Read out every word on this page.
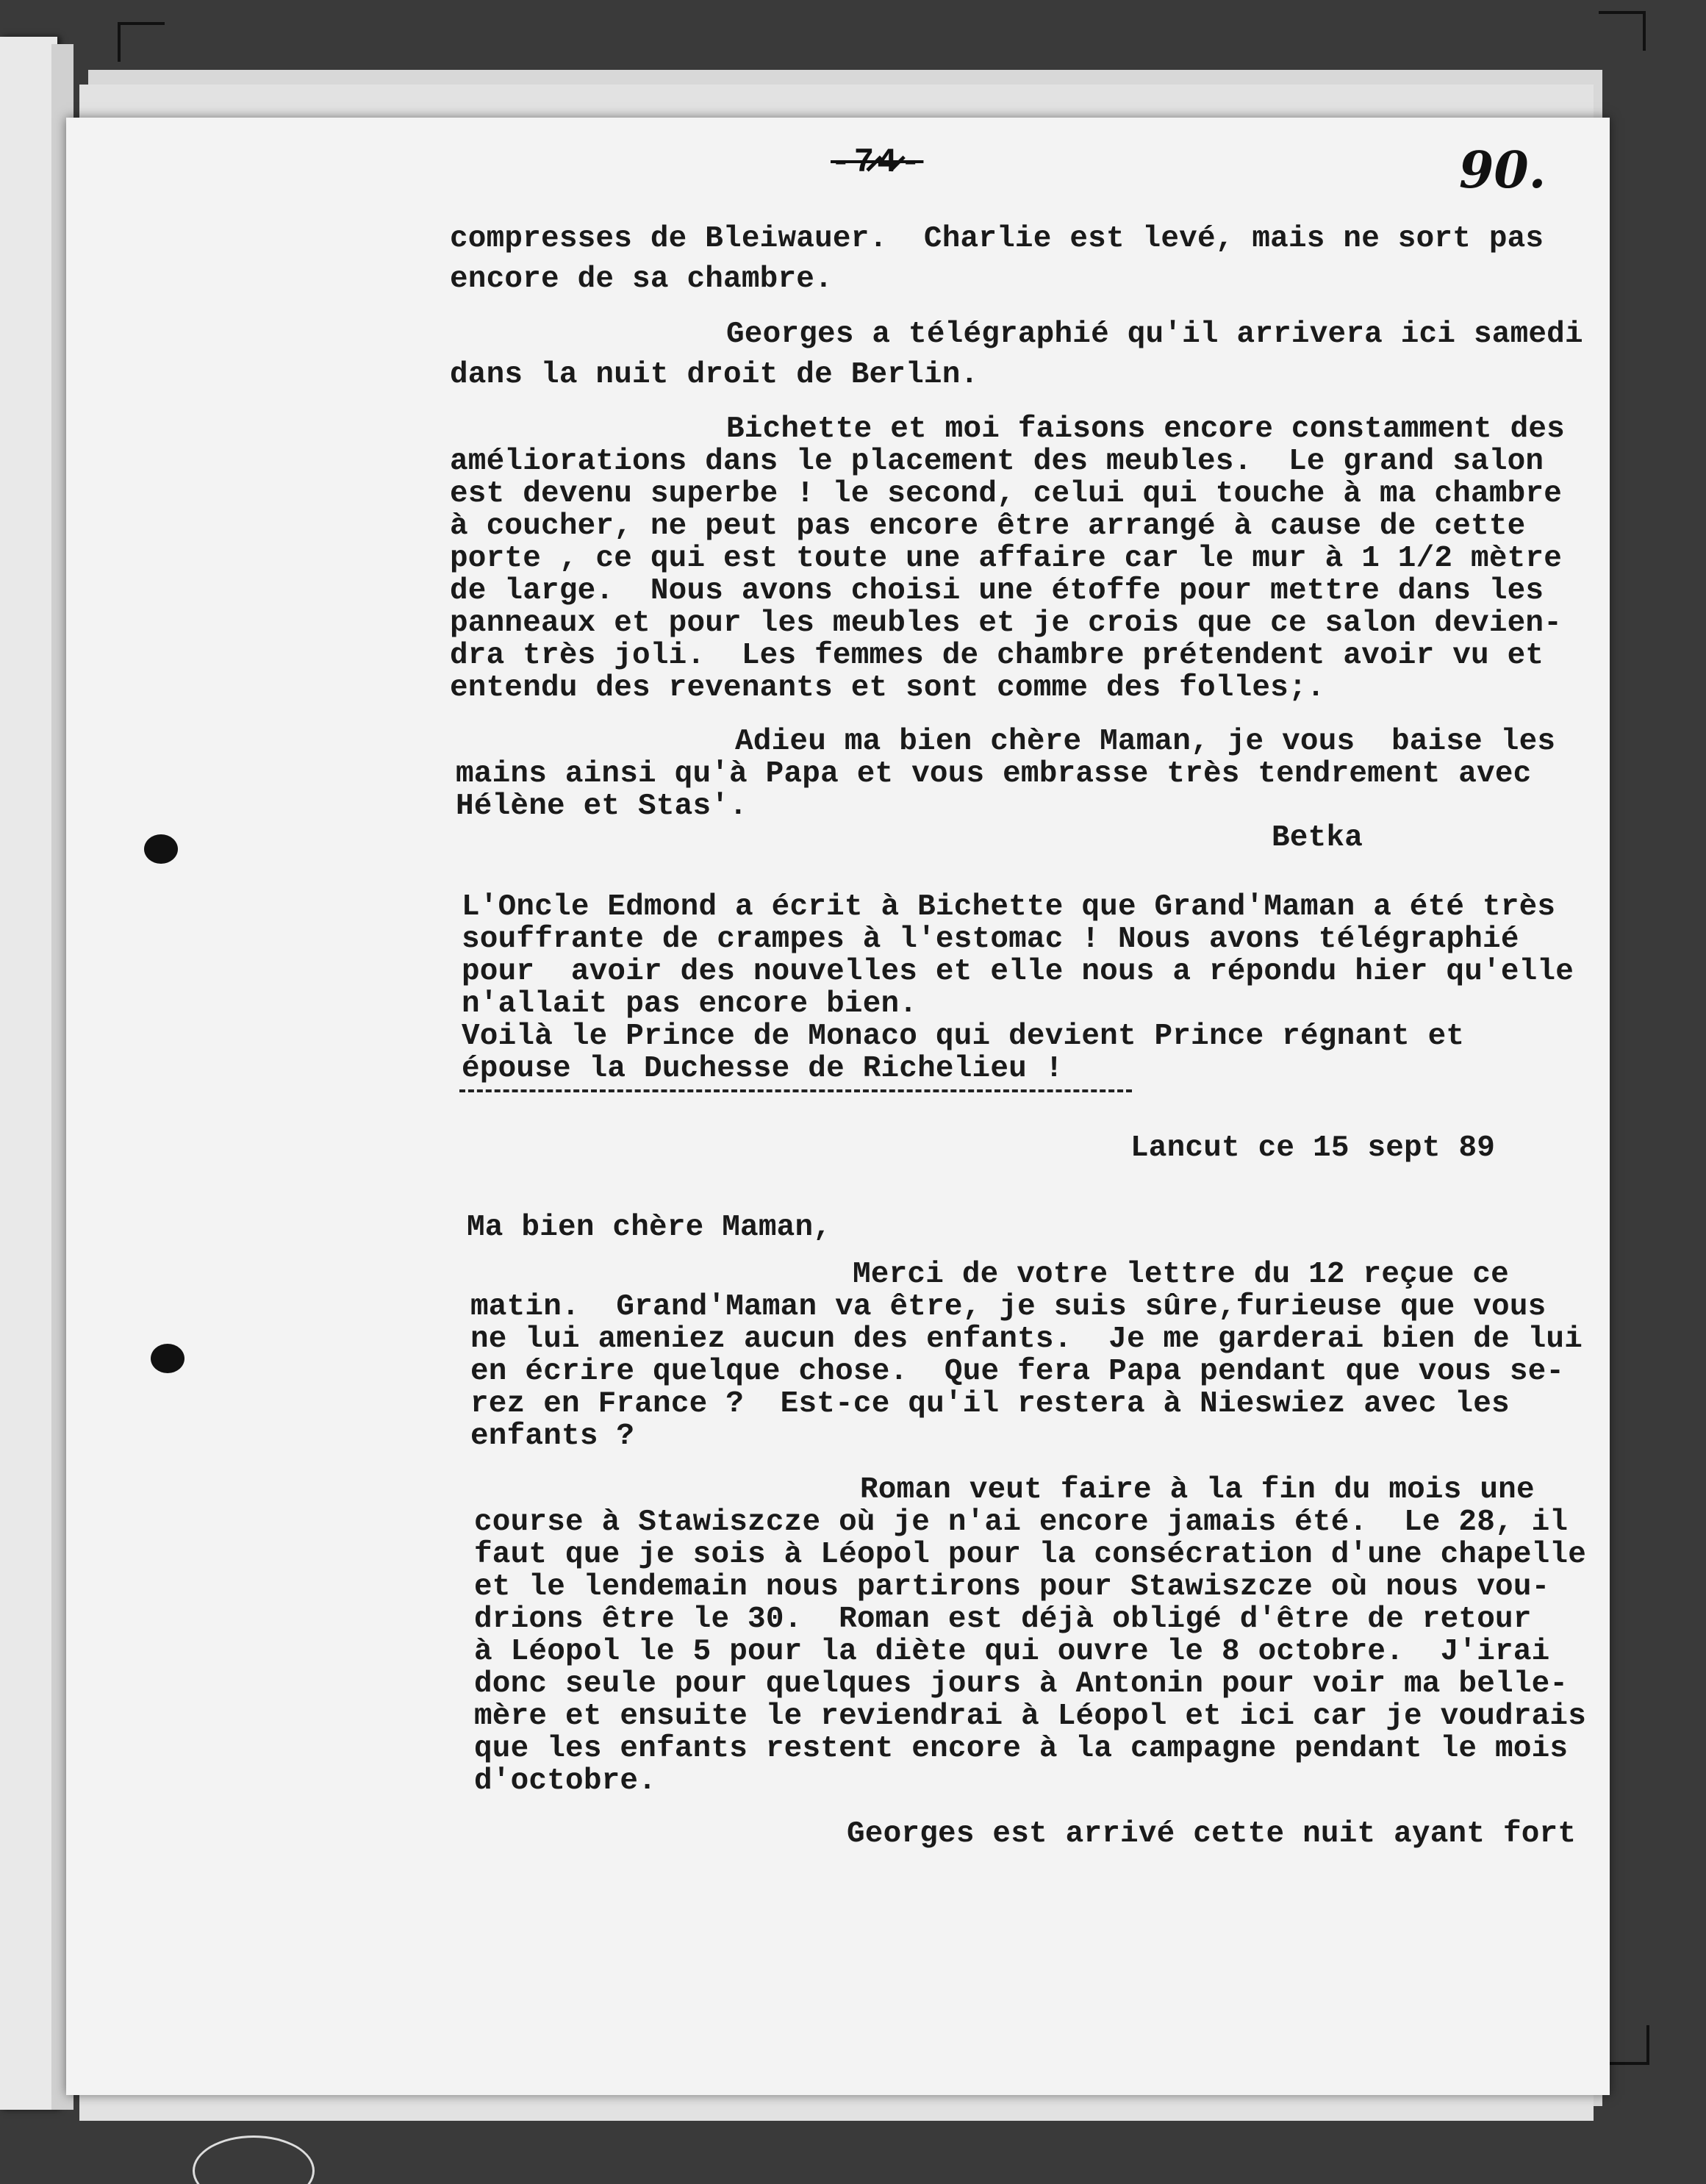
-7̷̷4̷-	90.
compresses de Bleiwauer.  Charlie est levé, mais ne sort pas
encore de sa chambre.
Georges a télégraphié qu'il arrivera ici samedi
dans la nuit droit de Berlin.
Bichette et moi faisons encore constamment des
améliorations dans le placement des meubles.  Le grand salon
est devenu superbe ! le second, celui qui touche à ma chambre
à coucher, ne peut pas encore être arrangé à cause de cette
porte , ce qui est toute une affaire car le mur à 1 1/2 mètre
de large.  Nous avons choisi une étoffe pour mettre dans les
panneaux et pour les meubles et je crois que ce salon devien-
dra très joli.  Les femmes de chambre prétendent avoir vu et
entendu des revenants et sont comme des folles;.
Adieu ma bien chère Maman, je vous  baise les
mains ainsi qu'à Papa et vous embrasse très tendrement avec
Hélène et Stas'.
Betka
L'Oncle Edmond a écrit à Bichette que Grand'Maman a été très
souffrante de crampes à l'estomac ! Nous avons télégraphié
pour  avoir des nouvelles et elle nous a répondu hier qu'elle
n'allait pas encore bien.
Voilà le Prince de Monaco qui devient Prince régnant et
épouse la Duchesse de Richelieu !
Lancut ce 15 sept 89
Ma bien chère Maman,
Merci de votre lettre du 12 reçue ce
matin.  Grand'Maman va être, je suis sûre,furieuse que vous
ne lui ameniez aucun des enfants.  Je me garderai bien de lui
en écrire quelque chose.  Que fera Papa pendant que vous se-
rez en France ?  Est-ce qu'il restera à Nieswiez avec les
enfants ?
Roman veut faire à la fin du mois une
course à Stawiszcze où je n'ai encore jamais été.  Le 28, il
faut que je sois à Léopol pour la consécration d'une chapelle
et le lendemain nous partirons pour Stawiszcze où nous vou-
drions être le 30.  Roman est déjà obligé d'être de retour
à Léopol le 5 pour la diète qui ouvre le 8 octobre.  J'irai
donc seule pour quelques jours à Antonin pour voir ma belle-
mère et ensuite le reviendrai à Léopol et ici car je voudrais
que les enfants restent encore à la campagne pendant le mois
d'octobre.
Georges est arrivé cette nuit ayant fort
